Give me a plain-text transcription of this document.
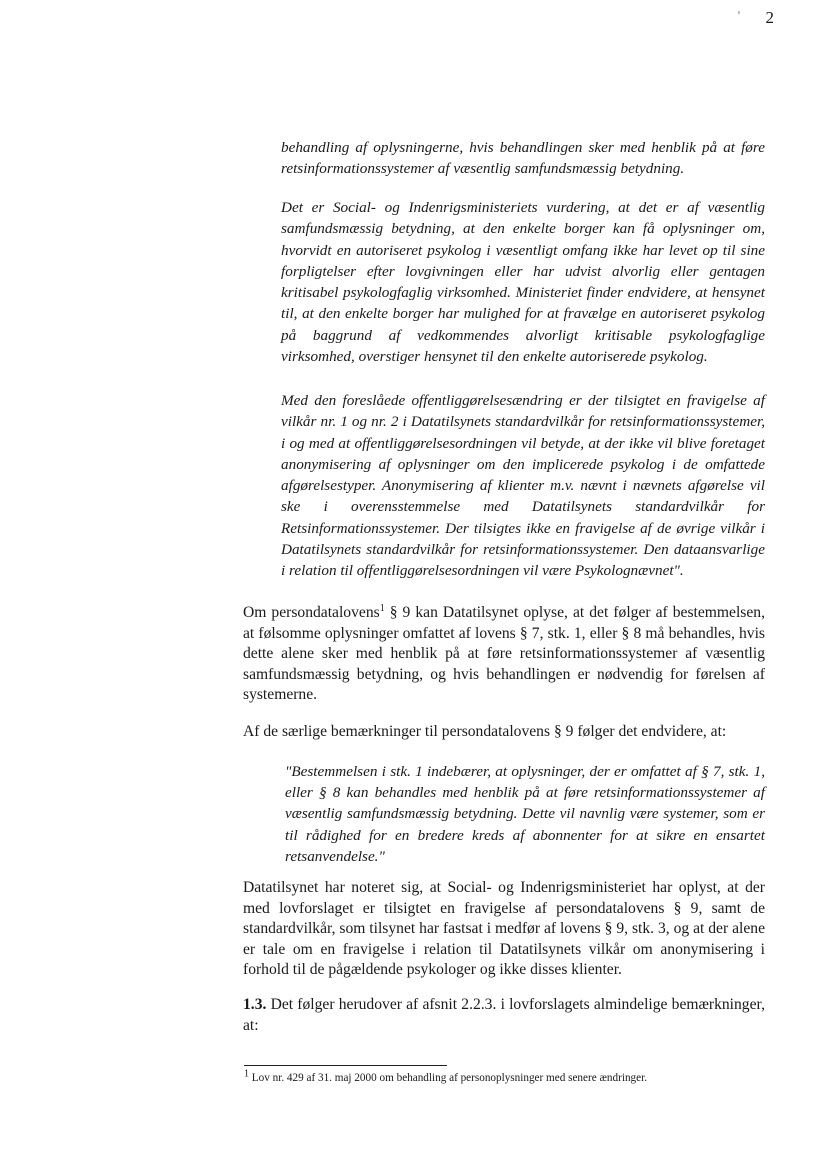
' 2

behandling af oplysningerne, hvis behandlingen sker med henblik på at føre retsinformationssystemer af væsentlig samfundsmæssig betydning.

Det er Social- og Indenrigsministeriets vurdering, at det er af væsentlig samfundsmæssig betydning, at den enkelte borger kan få oplysninger om, hvorvidt en autoriseret psykolog i væsentligt omfang ikke har levet op til sine forpligtelser efter lovgivningen eller har udvist alvorlig eller gentagen kritisabel psykologfaglig virksomhed. Ministeriet finder endvidere, at hensynet til, at den enkelte borger har mulighed for at fravælge en autoriseret psykolog på baggrund af vedkommendes alvorligt kritisable psykologfaglige virksomhed, overstiger hensynet til den enkelte autoriserede psykolog.

Med den foreslåede offentliggørelsesændring er der tilsigtet en fravigelse af vilkår nr. 1 og nr. 2 i Datatilsynets standardvilkår for retsinformationssystemer, i og med at offentliggørelsesordningen vil betyde, at der ikke vil blive foretaget anonymisering af oplysninger om den implicerede psykolog i de omfattede afgørelsestyper. Anonymisering af klienter m.v. nævnt i nævnets afgørelse vil ske i overensstemmelse med Datatilsynets standardvilkår for Retsinformationssystemer. Der tilsigtes ikke en fravigelse af de øvrige vilkår i Datatilsynets standardvilkår for retsinformationssystemer. Den dataansvarlige i relation til offentliggørelsesordningen vil være Psykolognævnet".

Om persondatalovens$^1$ § 9 kan Datatilsynet oplyse, at det følger af bestemmelsen, at følsomme oplysninger omfattet af lovens § 7, stk. 1, eller § 8 må behandles, hvis dette alene sker med henblik på at føre retsinformationssystemer af væsentlig samfundsmæssig betydning, og hvis behandlingen er nødvendig for førelsen af systemerne.

Af de særlige bemærkninger til persondatalovens § 9 følger det endvidere, at:

"Bestemmelsen i stk. 1 indebærer, at oplysninger, der er omfattet af § 7, stk. 1, eller § 8 kan behandles med henblik på at føre retsinformationssystemer af væsentlig samfundsmæssig betydning. Dette vil navnlig være systemer, som er til rådighed for en bredere kreds af abonnenter for at sikre en ensartet retsanvendelse."

Datatilsynet har noteret sig, at Social- og Indenrigsministeriet har oplyst, at der med lovforslaget er tilsigtet en fravigelse af persondatalovens § 9, samt de standardvilkår, som tilsynet har fastsat i medfør af lovens § 9, stk. 3, og at der alene er tale om en fravigelse i relation til Datatilsynets vilkår om anonymisering i forhold til de pågældende psykologer og ikke disses klienter.

1.3. Det følger herudover af afsnit 2.2.3. i lovforslagets almindelige bemærkninger, at:

$^1$ Lov nr. 429 af 31. maj 2000 om behandling af personoplysninger med senere ændringer.
